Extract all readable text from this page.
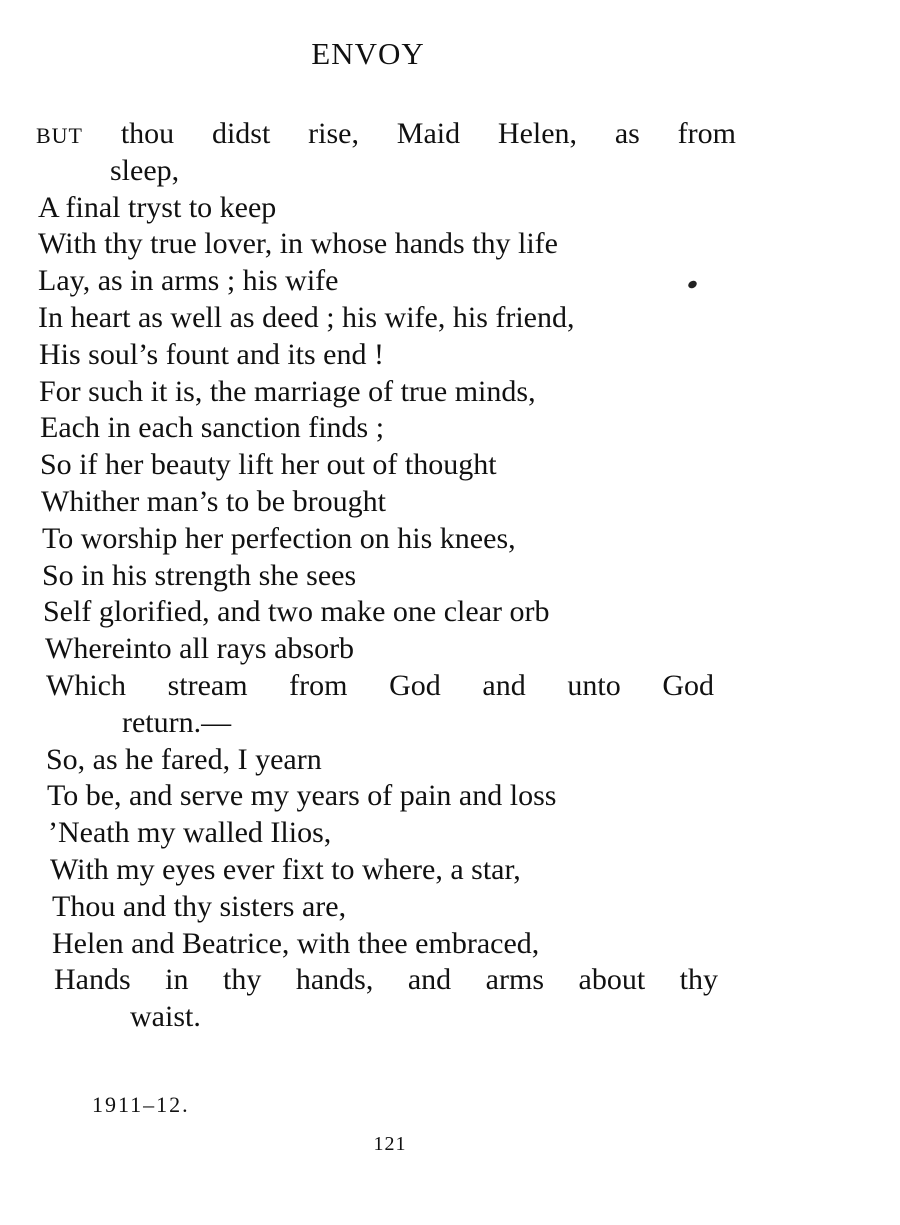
ENVOY
BUT thou didst rise, Maid Helen, as from
sleep,
A final tryst to keep
With thy true lover, in whose hands thy life
Lay, as in arms ; his wife
In heart as well as deed ; his wife, his friend,
His soul’s fount and its end !
For such it is, the marriage of true minds,
Each in each sanction finds ;
So if her beauty lift her out of thought
Whither man’s to be brought
To worship her perfection on his knees,
So in his strength she sees
Self glorified, and two make one clear orb
Whereinto all rays absorb
Which stream from God and unto God
return.—
So, as he fared, I yearn
To be, and serve my years of pain and loss
’Neath my walled Ilios,
With my eyes ever fixt to where, a star,
Thou and thy sisters are,
Helen and Beatrice, with thee embraced,
Hands in thy hands, and arms about thy
waist.
1911–12.
121
